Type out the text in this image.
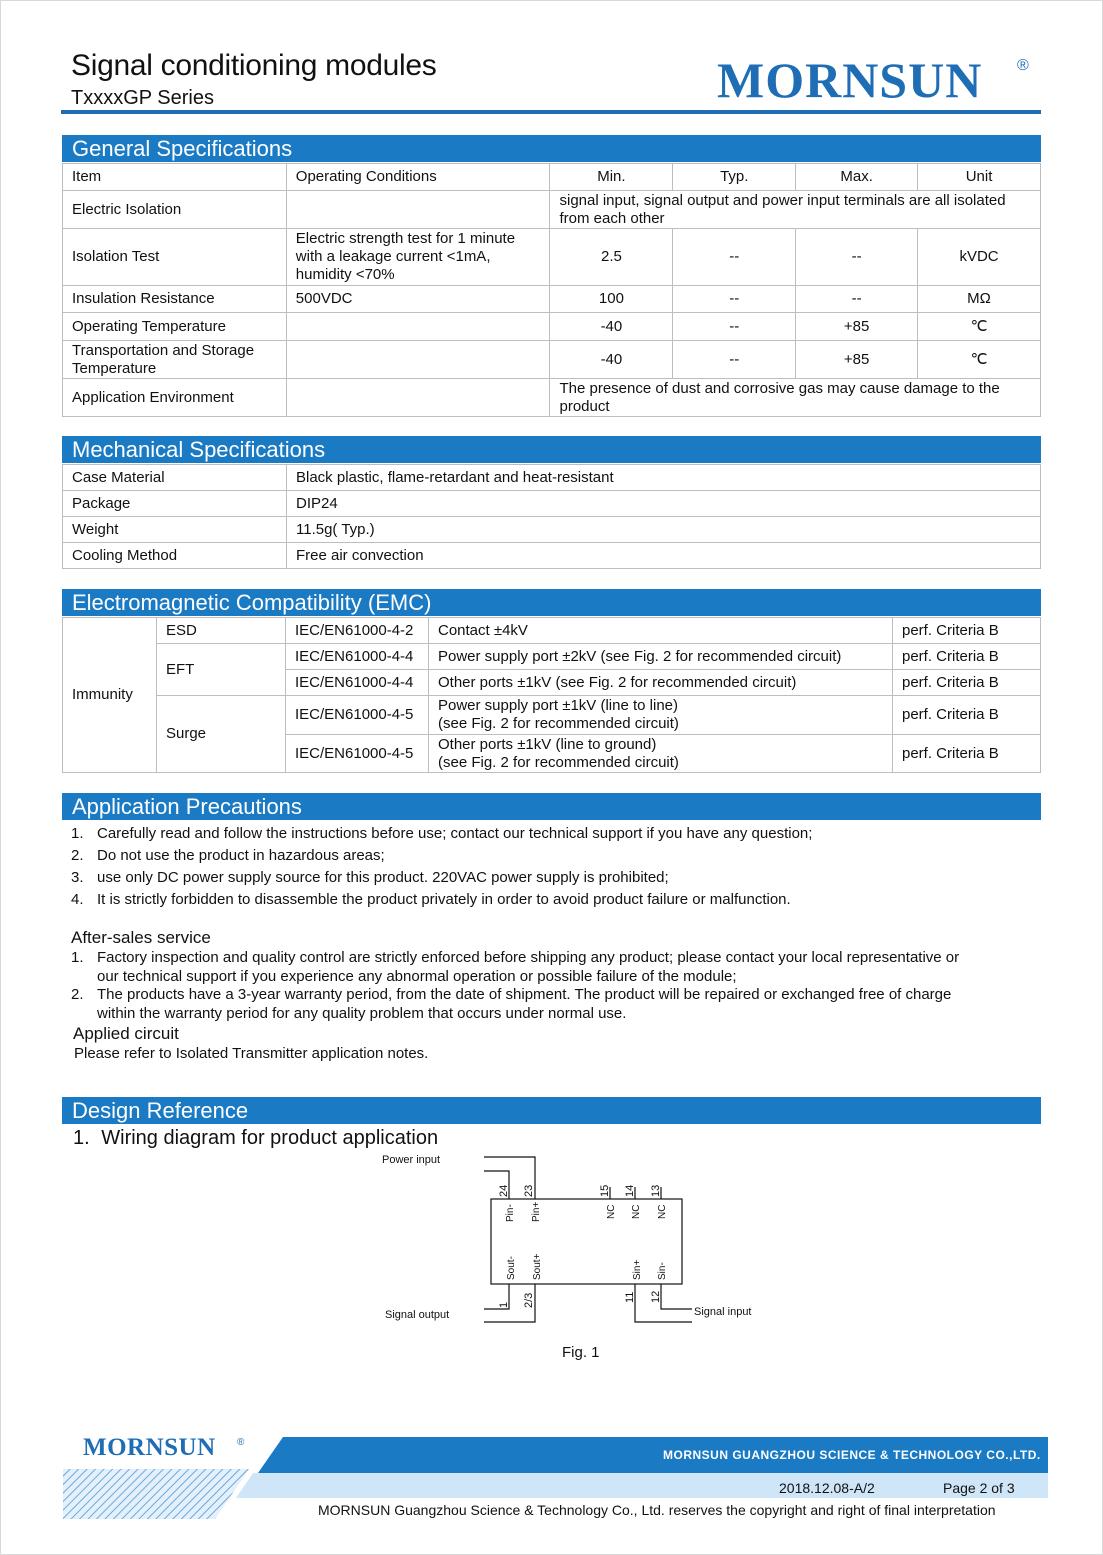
Signal conditioning modules
TxxxxGP Series	MORNSUN ®
General Specifications
Item	Operating Conditions	Min.	Typ.	Max.	Unit
Electric Isolation		signal input, signal output and power input terminals are all isolated
from each other			

Isolation Test	Electric strength test for 1 minute
with a leakage current <1mA,
humidity <70%	2.5	--	--	kVDC
Insulation Resistance	500VDC	100	--	--	MΩ
Operating Temperature		-40	--	+85	℃

Transportation and Storage
Temperature		-40	--	+85	℃
Application Environment		The presence of dust and corrosive gas may cause damage to the
product			
Mechanical Specifications
Case Material	Black plastic, flame-retardant and heat-resistant
Package	DIP24
Weight	11.5g( Typ.)
Cooling Method	Free air convection
Electromagnetic Compatibility (EMC)
Immunity	ESD	IEC/EN61000-4-2	Contact ±4kV	perf. Criteria B
	EFT	IEC/EN61000-4-4	Power supply port ±2kV (see Fig. 2 for recommended circuit)	perf. Criteria B
		IEC/EN61000-4-4	Other ports ±1kV (see Fig. 2 for recommended circuit)	perf. Criteria B
	Surge	IEC/EN61000-4-5	Power supply port ±1kV (line to line)
(see Fig. 2 for recommended circuit)	perf. Criteria B
		IEC/EN61000-4-5	Other ports ±1kV (line to ground)
(see Fig. 2 for recommended circuit)	perf. Criteria B
Application Precautions
1. Carefully read and follow the instructions before use; contact our technical support if you have any question;
2. Do not use the product in hazardous areas;
3. use only DC power supply source for this product. 220VAC power supply is prohibited;
4. It is strictly forbidden to disassemble the product privately in order to avoid product failure or malfunction.
After-sales service
1. Factory inspection and quality control are strictly enforced before shipping any product; please contact your local representative or
our technical support if you experience any abnormal operation or possible failure of the module;
2. The products have a 3-year warranty period, from the date of shipment. The product will be repaired or exchanged free of charge
within the warranty period for any quality problem that occurs under normal use.
Applied circuit
Please refer to Isolated Transmitter application notes.
Design Reference
1. Wiring diagram for product application
24 23	15 14 13
Pin- Pin+	NC NC NC
Sout- Sout+	Sin+ Sin-
1 2/3	11 12
Power input
Signal output	Signal input
Fig. 1
MORNSUN ®
MORNSUN GUANGZHOU SCIENCE & TECHNOLOGY CO.,LTD.
2018.12.08-A/2	Page 2 of 3
MORNSUN Guangzhou Science & Technology Co., Ltd. reserves the copyright and right of final interpretation
